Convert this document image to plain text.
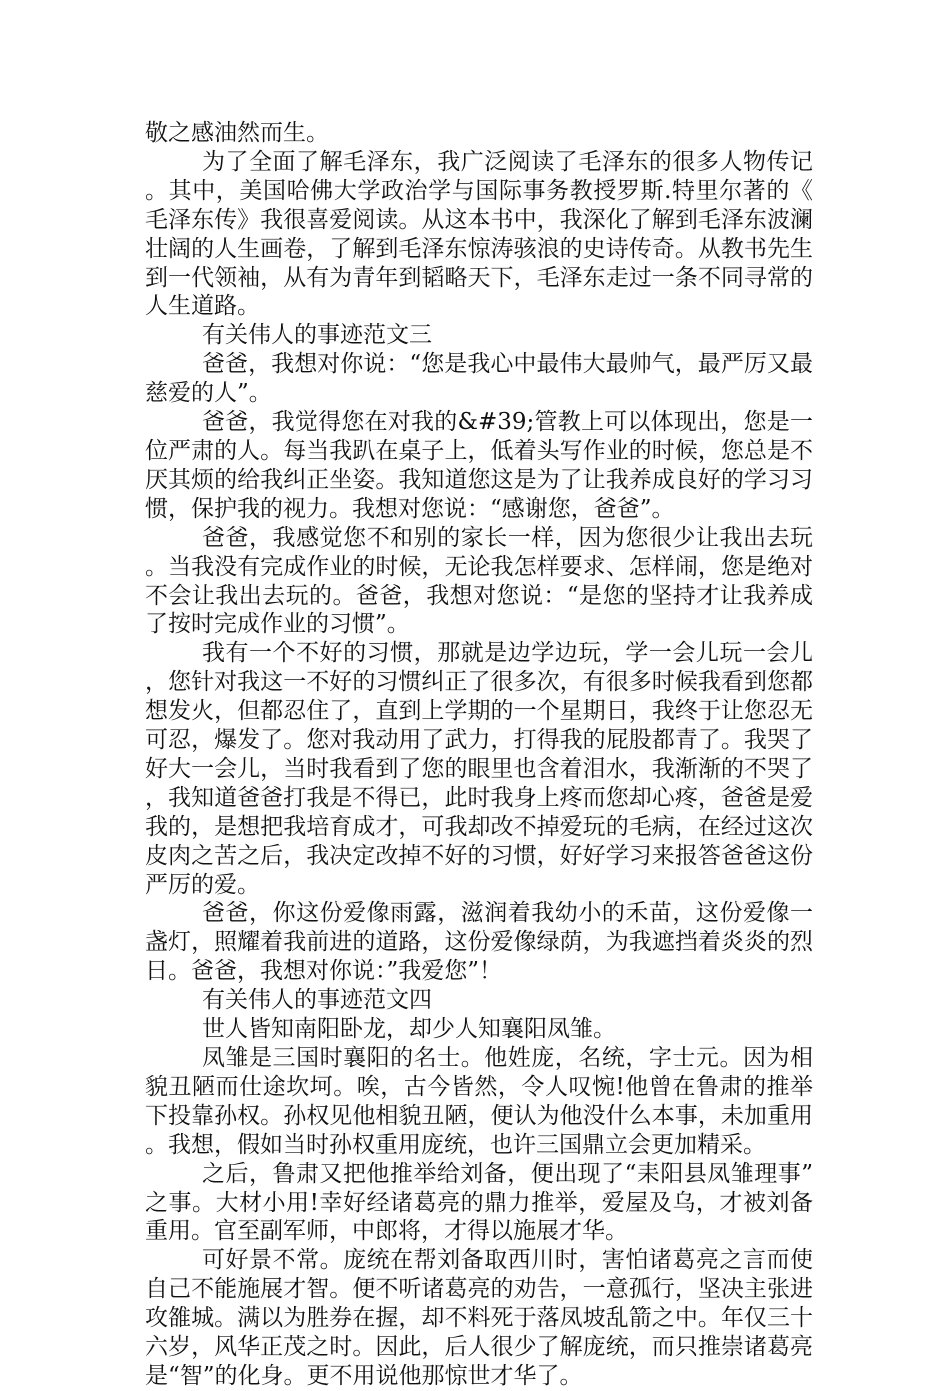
敬之感油然而生。

为了全面了解毛泽东，我广泛阅读了毛泽东的很多人物传记。其中，美国哈佛大学政治学与国际事务教授罗斯.特里尔著的《毛泽东传》我很喜爱阅读。从这本书中，我深化了解到毛泽东波澜壮阔的人生画卷，了解到毛泽东惊涛骇浪的史诗传奇。从教书先生到一代领袖，从有为青年到韬略天下，毛泽东走过一条不同寻常的人生道路。

有关伟人的事迹范文三

爸爸，我想对你说：“您是我心中最伟大最帅气，最严厉又最慈爱的人”。

爸爸，我觉得您在对我的&#39;管教上可以体现出，您是一位严肃的人。每当我趴在桌子上，低着头写作业的时候，您总是不厌其烦的给我纠正坐姿。我知道您这是为了让我养成良好的学习习惯，保护我的视力。我想对您说：“感谢您，爸爸”。

爸爸，我感觉您不和别的家长一样，因为您很少让我出去玩。当我没有完成作业的时候，无论我怎样要求、怎样闹，您是绝对不会让我出去玩的。爸爸，我想对您说：“是您的坚持才让我养成了按时完成作业的习惯”。

我有一个不好的习惯，那就是边学边玩，学一会儿玩一会儿，您针对我这一不好的习惯纠正了很多次，有很多时候我看到您都想发火，但都忍住了，直到上学期的一个星期日，我终于让您忍无可忍，爆发了。您对我动用了武力，打得我的屁股都青了。我哭了好大一会儿，当时我看到了您的眼里也含着泪水，我渐渐的不哭了，我知道爸爸打我是不得已，此时我身上疼而您却心疼，爸爸是爱我的，是想把我培育成才，可我却改不掉爱玩的毛病，在经过这次皮肉之苦之后，我决定改掉不好的习惯，好好学习来报答爸爸这份严厉的爱。

爸爸，你这份爱像雨露，滋润着我幼小的禾苗，这份爱像一盏灯，照耀着我前进的道路，这份爱像绿荫，为我遮挡着炎炎的烈日。爸爸，我想对你说：”我爱您”！

有关伟人的事迹范文四

世人皆知南阳卧龙，却少人知襄阳凤雏。

凤雏是三国时襄阳的名士。他姓庞，名统，字士元。因为相貌丑陋而仕途坎坷。唉，古今皆然，令人叹惋!他曾在鲁肃的推举下投靠孙权。孙权见他相貌丑陋，便认为他没什么本事，未加重用。我想，假如当时孙权重用庞统，也许三国鼎立会更加精采。

之后，鲁肃又把他推举给刘备，便出现了“耒阳县凤雏理事”之事。大材小用!幸好经诸葛亮的鼎力推举，爱屋及乌，才被刘备重用。官至副军师，中郎将，才得以施展才华。

可好景不常。庞统在帮刘备取西川时，害怕诸葛亮之言而使自己不能施展才智。便不听诸葛亮的劝告，一意孤行，坚决主张进攻雒城。满以为胜券在握，却不料死于落凤坡乱箭之中。年仅三十六岁，风华正茂之时。因此，后人很少了解庞统，而只推崇诸葛亮是“智”的化身。更不用说他那惊世才华了。
